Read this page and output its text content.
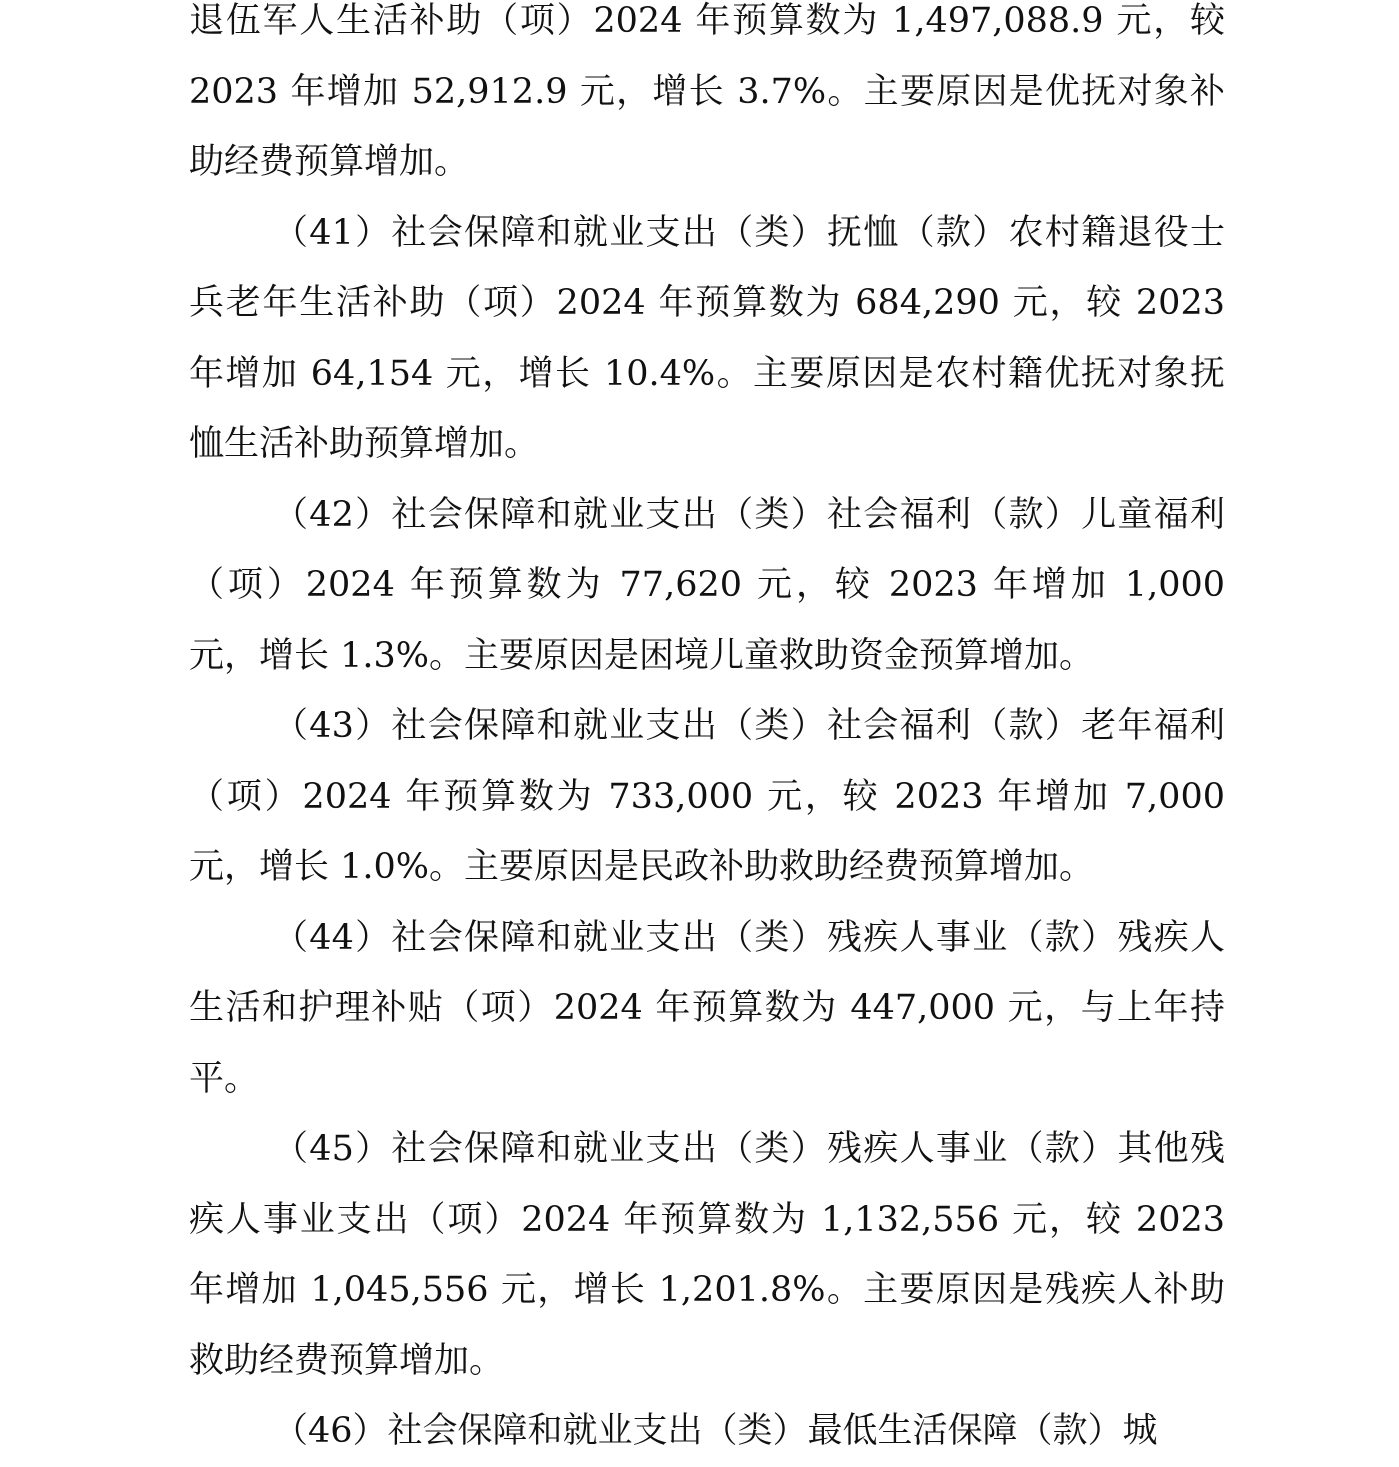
退伍军人生活补助（项）2024 年预算数为 1,497,088.9 元，较 2023 年增加 52,912.9 元，增长 3.7%。主要原因是优抚对象补助经费预算增加。

（41）社会保障和就业支出（类）抚恤（款）农村籍退役士兵老年生活补助（项）2024 年预算数为 684,290 元，较 2023 年增加 64,154 元，增长 10.4%。主要原因是农村籍优抚对象抚恤生活补助预算增加。

（42）社会保障和就业支出（类）社会福利（款）儿童福利（项）2024 年预算数为 77,620 元，较 2023 年增加 1,000 元，增长 1.3%。主要原因是困境儿童救助资金预算增加。

（43）社会保障和就业支出（类）社会福利（款）老年福利（项）2024 年预算数为 733,000 元，较 2023 年增加 7,000 元，增长 1.0%。主要原因是民政补助救助经费预算增加。

（44）社会保障和就业支出（类）残疾人事业（款）残疾人生活和护理补贴（项）2024 年预算数为 447,000 元，与上年持平。

（45）社会保障和就业支出（类）残疾人事业（款）其他残疾人事业支出（项）2024 年预算数为 1,132,556 元，较 2023 年增加 1,045,556 元，增长 1,201.8%。主要原因是残疾人补助救助经费预算增加。

（46）社会保障和就业支出（类）最低生活保障（款）城
